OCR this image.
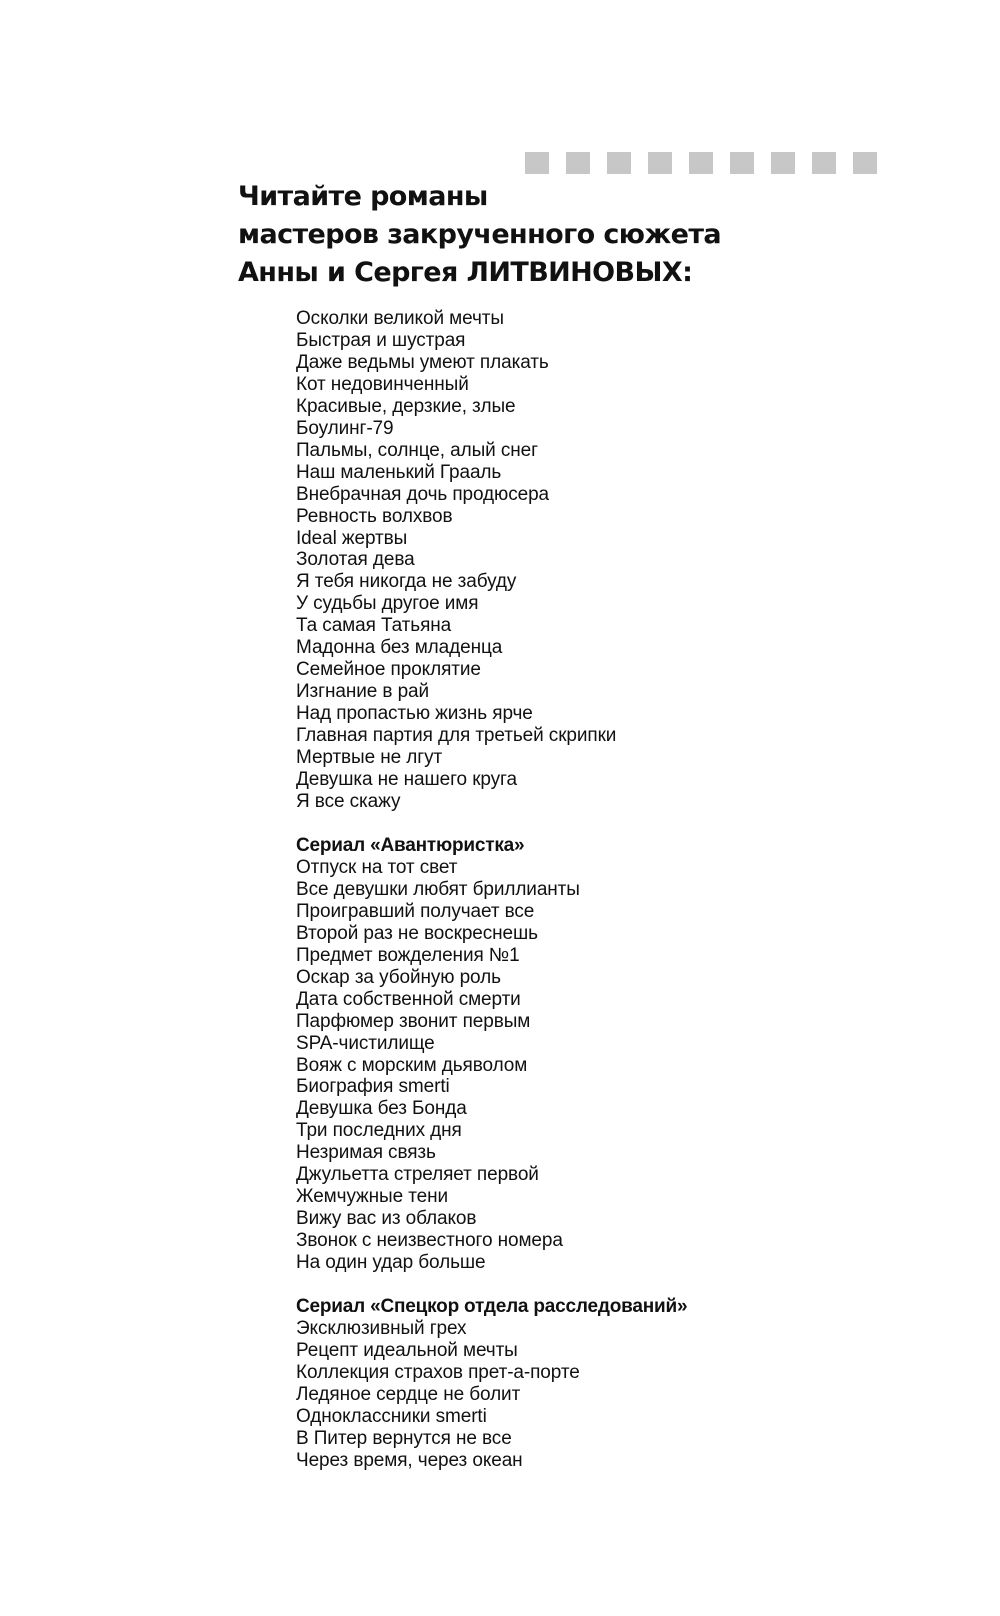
Читайте романы
мастеров закрученного сюжета
Анны и Сергея ЛИТВИНОВЫХ:
Осколки великой мечты
Быстрая и шустрая
Даже ведьмы умеют плакать
Кот недовинченный
Красивые, дерзкие, злые
Боулинг-79
Пальмы, солнце, алый снег
Наш маленький Грааль
Внебрачная дочь продюсера
Ревность волхвов
Ideal жертвы
Золотая дева
Я тебя никогда не забуду
У судьбы другое имя
Та самая Татьяна
Мадонна без младенца
Семейное проклятие
Изгнание в рай
Над пропастью жизнь ярче
Главная партия для третьей скрипки
Мертвые не лгут
Девушка не нашего круга
Я все скажу
Сериал «Авантюристка»
Отпуск на тот свет
Все девушки любят бриллианты
Проигравший получает все
Второй раз не воскреснешь
Предмет вожделения №1
Оскар за убойную роль
Дата собственной смерти
Парфюмер звонит первым
SPA-чистилище
Вояж с морским дьяволом
Биография smerti
Девушка без Бонда
Три последних дня
Незримая связь
Джульетта стреляет первой
Жемчужные тени
Вижу вас из облаков
Звонок с неизвестного номера
На один удар больше
Сериал «Спецкор отдела расследований»
Эксклюзивный грех
Рецепт идеальной мечты
Коллекция страхов прет-а-порте
Ледяное сердце не болит
Одноклассники smerti
В Питер вернутся не все
Через время, через океан
